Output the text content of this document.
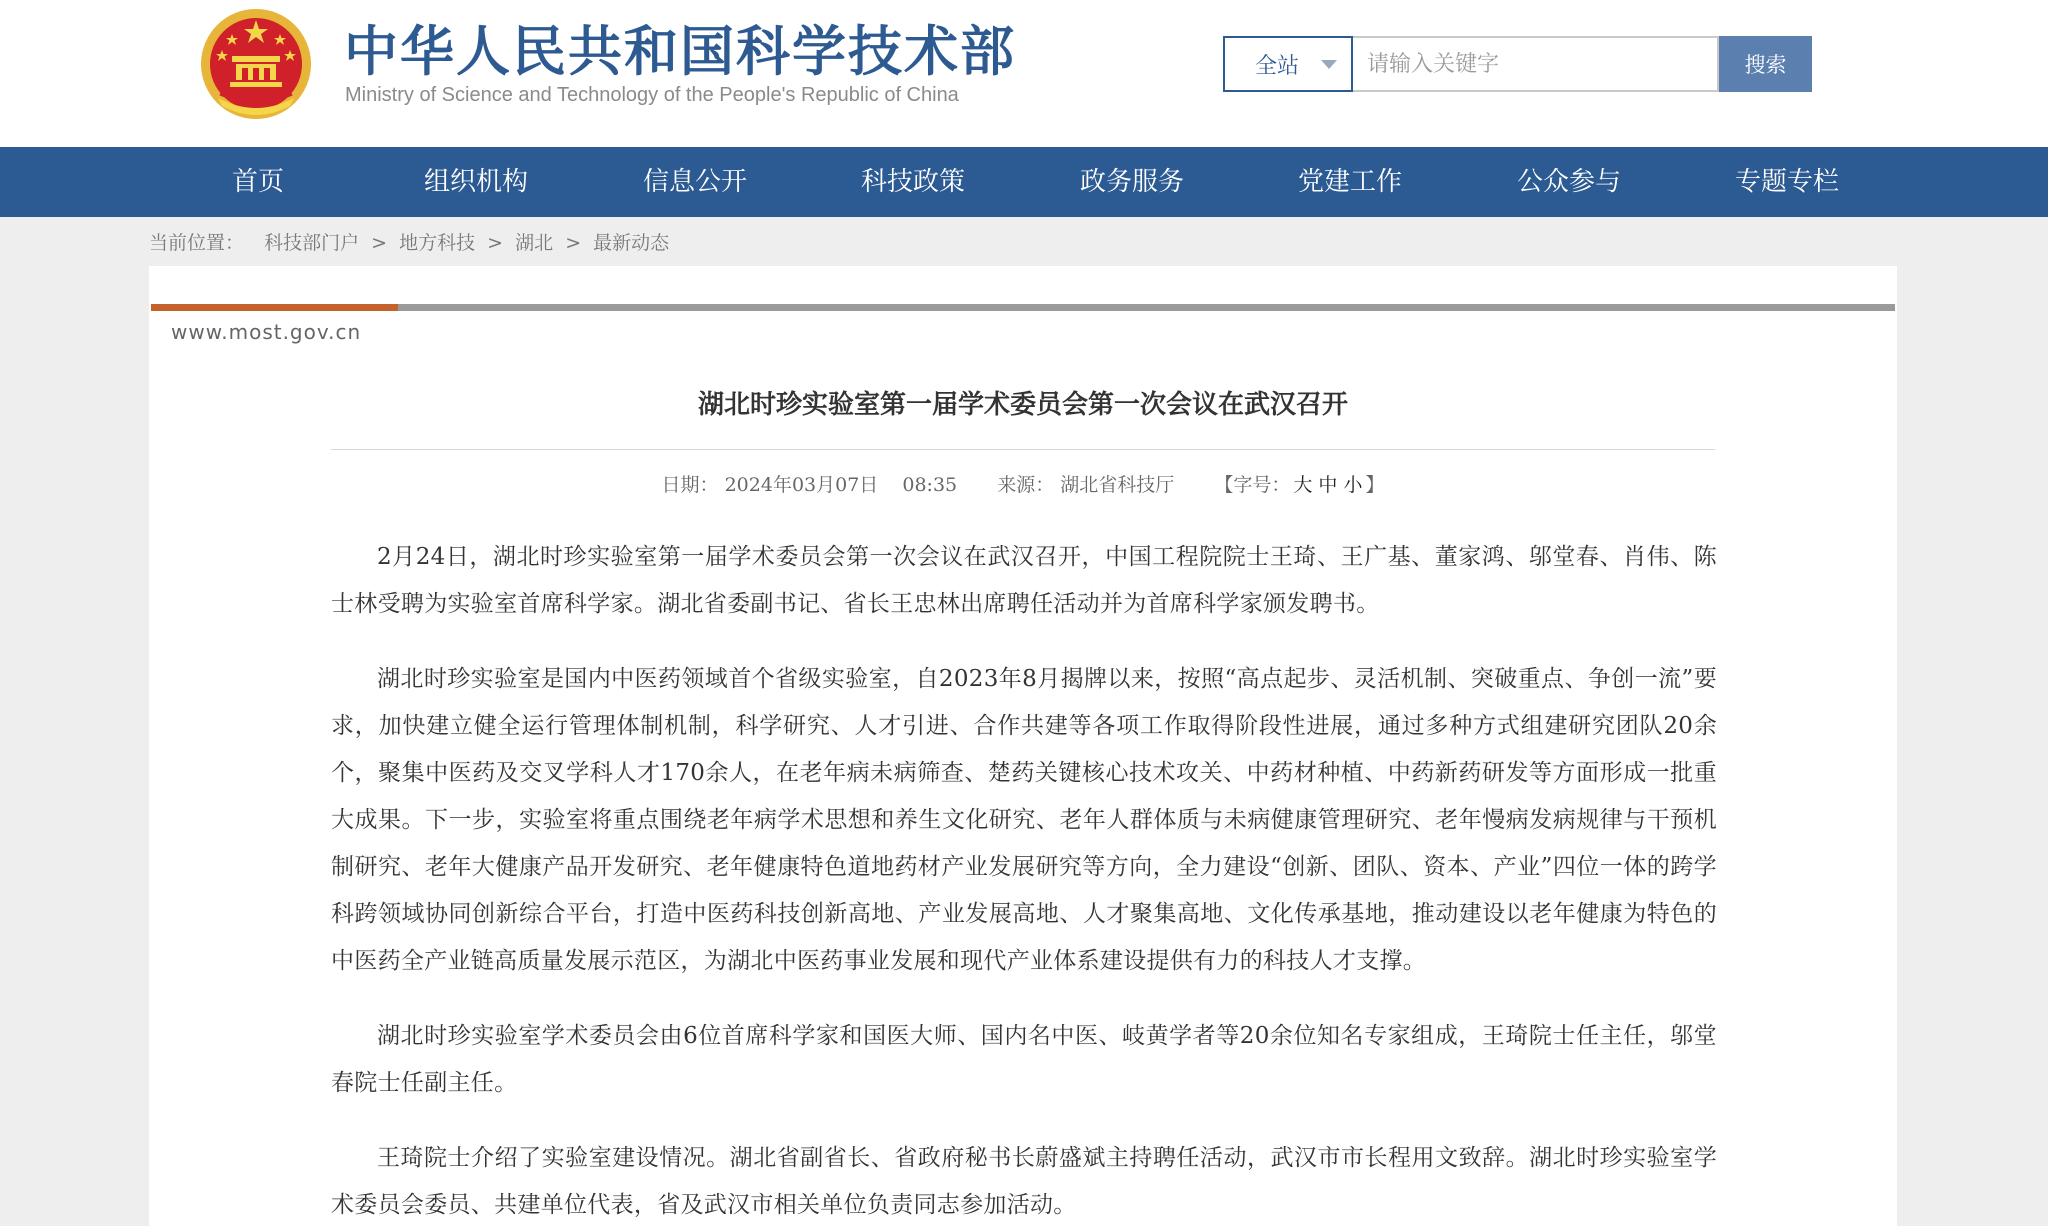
中华人民共和国科学技术部
Ministry of Science and Technology of the People's Republic of China
全站
请输入关键字	搜索
首页	组织机构	信息公开	科技政策	政务服务	党建工作	公众参与	专题专栏
当前位置： 科技部门户 > 地方科技 > 湖北 > 最新动态
www.most.gov.cn
湖北时珍实验室第一届学术委员会第一次会议在武汉召开
日期： 2024年03月07日 08:35 来源： 湖北省科技厅 【字号： 大 中 小 】

2月24日，湖北时珍实验室第一届学术委员会第一次会议在武汉召开，中国工程院院士王琦、王广基、董家鸿、邬堂春、肖伟、陈士林受聘为实验室首席科学家。湖北省委副书记、省长王忠林出席聘任活动并为首席科学家颁发聘书。

湖北时珍实验室是国内中医药领域首个省级实验室，自2023年8月揭牌以来，按照“高点起步、灵活机制、突破重点、争创一流”要求，加快建立健全运行管理体制机制，科学研究、人才引进、合作共建等各项工作取得阶段性进展，通过多种方式组建研究团队20余个，聚集中医药及交叉学科人才170余人，在老年病未病筛查、楚药关键核心技术攻关、中药材种植、中药新药研发等方面形成一批重大成果。下一步，实验室将重点围绕老年病学术思想和养生文化研究、老年人群体质与未病健康管理研究、老年慢病发病规律与干预机制研究、老年大健康产品开发研究、老年健康特色道地药材产业发展研究等方向，全力建设“创新、团队、资本、产业”四位一体的跨学科跨领域协同创新综合平台，打造中医药科技创新高地、产业发展高地、人才聚集高地、文化传承基地，推动建设以老年健康为特色的中医药全产业链高质量发展示范区，为湖北中医药事业发展和现代产业体系建设提供有力的科技人才支撑。

湖北时珍实验室学术委员会由6位首席科学家和国医大师、国内名中医、岐黄学者等20余位知名专家组成，王琦院士任主任，邬堂春院士任副主任。

王琦院士介绍了实验室建设情况。湖北省副省长、省政府秘书长蔚盛斌主持聘任活动，武汉市市长程用文致辞。湖北时珍实验室学术委员会委员、共建单位代表，省及武汉市相关单位负责同志参加活动。
